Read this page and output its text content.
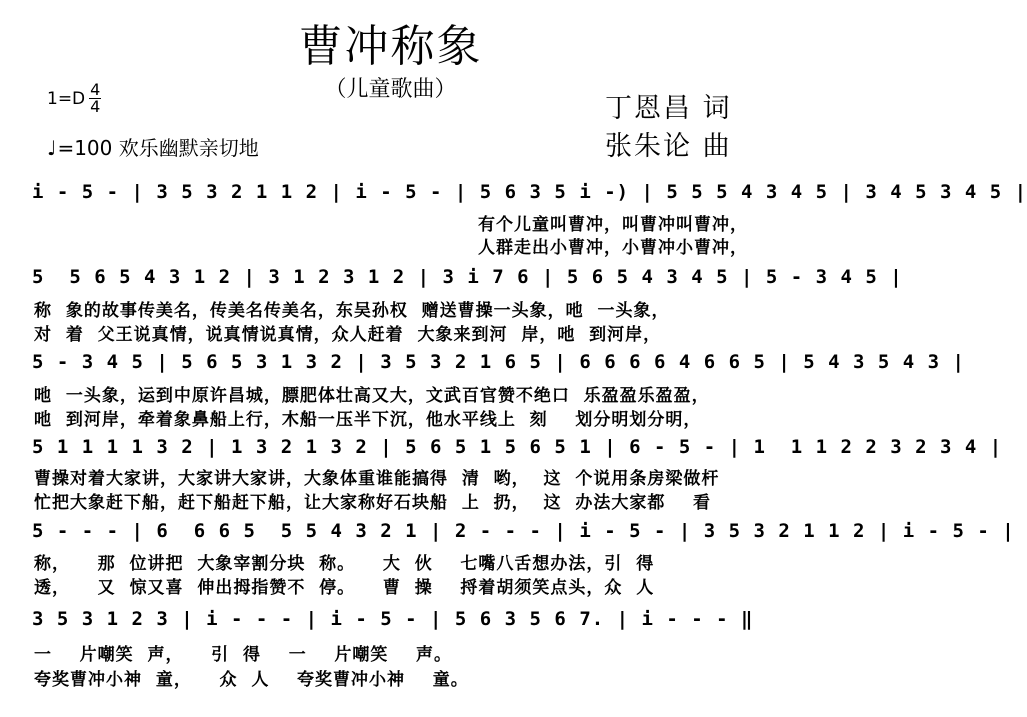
曹冲称象
（儿童歌曲）
$1=D \frac{4}{4}$
♩=100 欢乐幽默亲切地
丁恩昌 词
张朱论 曲
i - 5 - | 3 5 3 2 1 1 2 | i - 5 - | 5 6 3 5 i -) | 5 5 5 4 3 4 5 | 3 4 5 3 4 5 |
有个儿童叫曹冲，叫曹冲叫曹冲，
人群走出小曹冲，小曹冲小曹冲，
5  5 6 5 4 3 1 2 | 3 1 2 3 1 2 | 3 i 7 6 | 5 6 5 4 3 4 5 | 5 - 3 4 5 |
称  象的故事传美名，传美名传美名，东吴孙权  赠送曹操一头象，吔  一头象，
对  着  父王说真情，说真情说真情，众人赶着  大象来到河  岸，吔  到河岸，
5 - 3 4 5 | 5 6 5 3 1 3 2 | 3 5 3 2 1 6 5 | 6 6 6 6 4 6 6 5 | 5 4 3 5 4 3 |
吔  一头象，运到中原许昌城，膘肥体壮高又大，文武百官赞不绝口  乐盈盈乐盈盈，
吔  到河岸，牵着象鼻船上行，木船一压半下沉，他水平线上  刻    划分明划分明，
5 1 1 1 1 3 2 | 1 3 2 1 3 2 | 5 6 5 1 5 6 5 1 | 6 - 5 - | 1  1 1 2 2 3 2 3 4 |
曹操对着大家讲，大家讲大家讲，大象体重谁能搞得  清  哟，  这  个说用条房梁做杆
忙把大象赶下船，赶下船赶下船，让大家称好石块船  上  扔，  这  办法大家都    看
5 - - - | 6  6 6 5  5 5 4 3 2 1 | 2 - - - | i - 5 - | 3 5 3 2 1 1 2 | i - 5 - |
称，    那  位讲把  大象宰割分块  称。    大  伙    七嘴八舌想办法，引  得
透，    又  惊又喜  伸出拇指赞不  停。    曹  操    捋着胡须笑点头，众  人
3 5 3 1 2 3 | i - - - | i - 5 - | 5 6 3 5 6 7. | i - - - ‖
一    片嘲笑  声，    引  得    一    片嘲笑    声。
夸奖曹冲小神  童，    众  人    夸奖曹冲小神    童。
